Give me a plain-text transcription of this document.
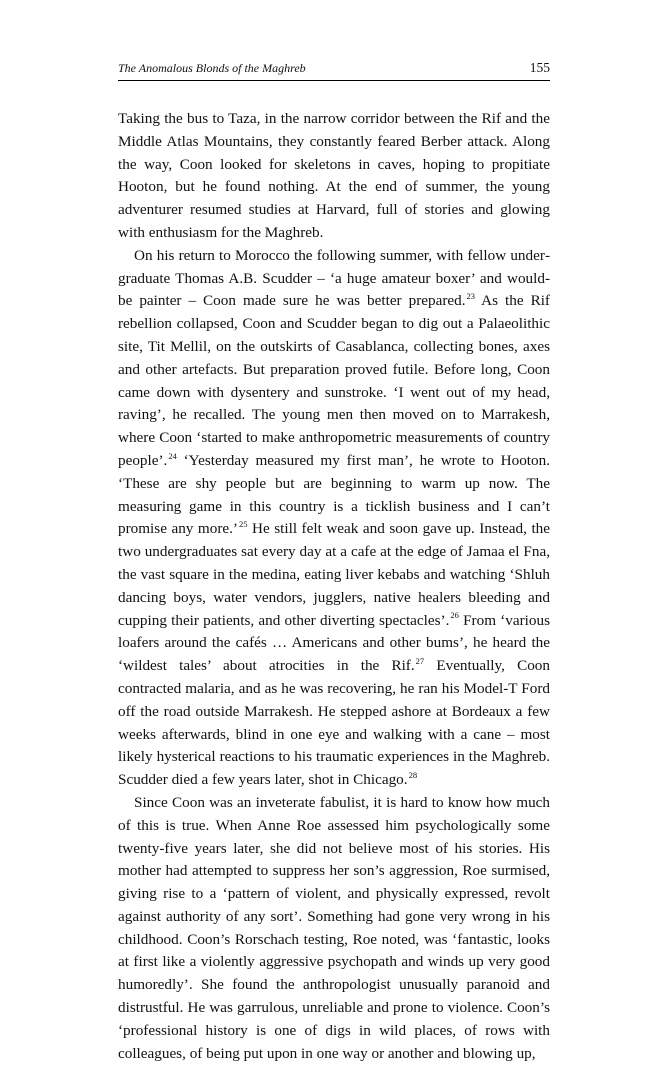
The Anomalous Blonds of the Maghreb	155

Taking the bus to Taza, in the narrow corridor between the Rif and the Middle Atlas Mountains, they constantly feared Berber attack. Along the way, Coon looked for skeletons in caves, hoping to propitiate Hooton, but he found nothing. At the end of summer, the young adventurer resumed studies at Harvard, full of stories and glowing with enthusiasm for the Maghreb.

On his return to Morocco the following summer, with fellow undergraduate Thomas A.B. Scudder – ‘a huge amateur boxer’ and would-be painter – Coon made sure he was better prepared.$^{23}$ As the Rif rebellion collapsed, Coon and Scudder began to dig out a Palaeolithic site, Tit Mellil, on the outskirts of Casablanca, collecting bones, axes and other artefacts. But preparation proved futile. Before long, Coon came down with dysentery and sunstroke. ‘I went out of my head, raving’, he recalled. The young men then moved on to Marrakesh, where Coon ‘started to make anthropometric measurements of country people’.$^{24}$ ‘Yesterday measured my first man’, he wrote to Hooton. ‘These are shy people but are beginning to warm up now. The measuring game in this country is a ticklish business and I can’t promise any more.’$^{25}$ He still felt weak and soon gave up. Instead, the two undergraduates sat every day at a cafe at the edge of Jamaa el Fna, the vast square in the medina, eating liver kebabs and watching ‘Shluh dancing boys, water vendors, jugglers, native healers bleeding and cupping their patients, and other diverting spectacles’.$^{26}$ From ‘various loafers around the cafés … Americans and other bums’, he heard the ‘wildest tales’ about atrocities in the Rif.$^{27}$ Eventually, Coon contracted malaria, and as he was recovering, he ran his Model-T Ford off the road outside Marrakesh. He stepped ashore at Bordeaux a few weeks afterwards, blind in one eye and walking with a cane – most likely hysterical reactions to his traumatic experiences in the Maghreb. Scudder died a few years later, shot in Chicago.$^{28}$

Since Coon was an inveterate fabulist, it is hard to know how much of this is true. When Anne Roe assessed him psychologically some twenty-five years later, she did not believe most of his stories. His mother had attempted to suppress her son’s aggression, Roe surmised, giving rise to a ‘pattern of violent, and physically expressed, revolt against authority of any sort’. Something had gone very wrong in his childhood. Coon’s Rorschach testing, Roe noted, was ‘fantastic, looks at first like a violently aggressive psychopath and winds up very good humoredly’. She found the anthropologist unusually paranoid and distrustful. He was garrulous, unreliable and prone to violence. Coon’s ‘professional history is one of digs in wild places, of rows with colleagues, of being put upon in one way or another and blowing up,
